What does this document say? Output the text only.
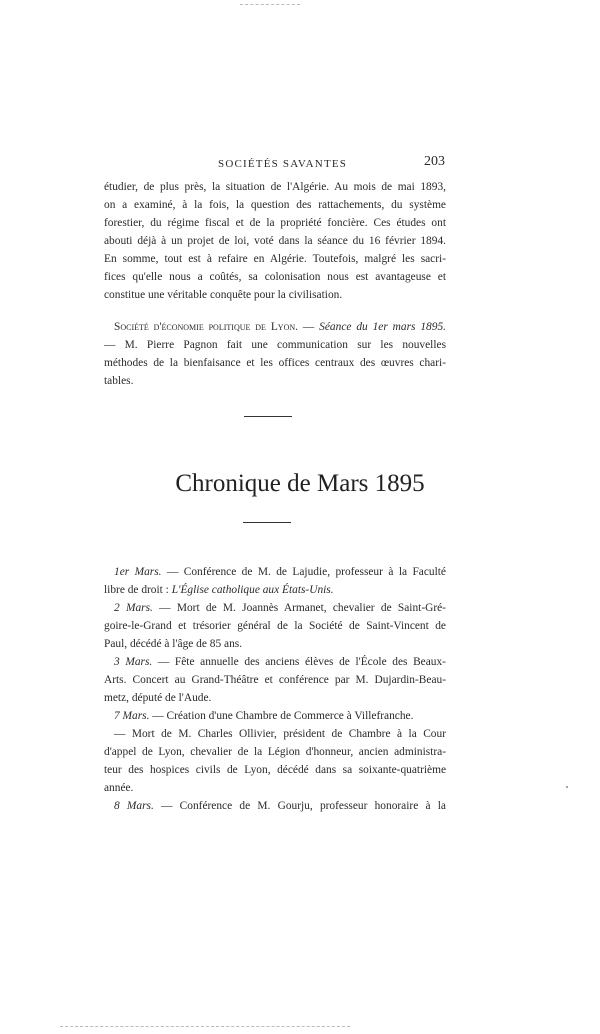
SOCIÉTÉS SAVANTES	203
étudier, de plus près, la situation de l'Algérie. Au mois de mai 1893,
on a examiné, à la fois, la question des rattachements, du système
forestier, du régime fiscal et de la propriété foncière. Ces études ont
abouti déjà à un projet de loi, voté dans la séance du 16 février 1894.
En somme, tout est à refaire en Algérie. Toutefois, malgré les sacri-
fices qu'elle nous a coûtés, sa colonisation nous est avantageuse et
constitue une véritable conquête pour la civilisation.
Société d'économie politique de Lyon. — Séance du 1er mars 1895.
— M. Pierre Pagnon fait une communication sur les nouvelles
méthodes de la bienfaisance et les offices centraux des œuvres chari-
tables.
Chronique de Mars 1895
1er Mars. — Conférence de M. de Lajudie, professeur à la Faculté
libre de droit : L'Église catholique aux États-Unis.
2 Mars. — Mort de M. Joannès Armanet, chevalier de Saint-Gré-
goire-le-Grand et trésorier général de la Société de Saint-Vincent de
Paul, décédé à l'âge de 85 ans.
3 Mars. — Fête annuelle des anciens élèves de l'École des Beaux-
Arts. Concert au Grand-Théâtre et conférence par M. Dujardin-Beau-
metz, député de l'Aude.
7 Mars. — Création d'une Chambre de Commerce à Villefranche.
— Mort de M. Charles Ollivier, président de Chambre à la Cour
d'appel de Lyon, chevalier de la Légion d'honneur, ancien administra-
teur des hospices civils de Lyon, décédé dans sa soixante-quatrième
année.
8 Mars. — Conférence de M. Gourju, professeur honoraire à la
